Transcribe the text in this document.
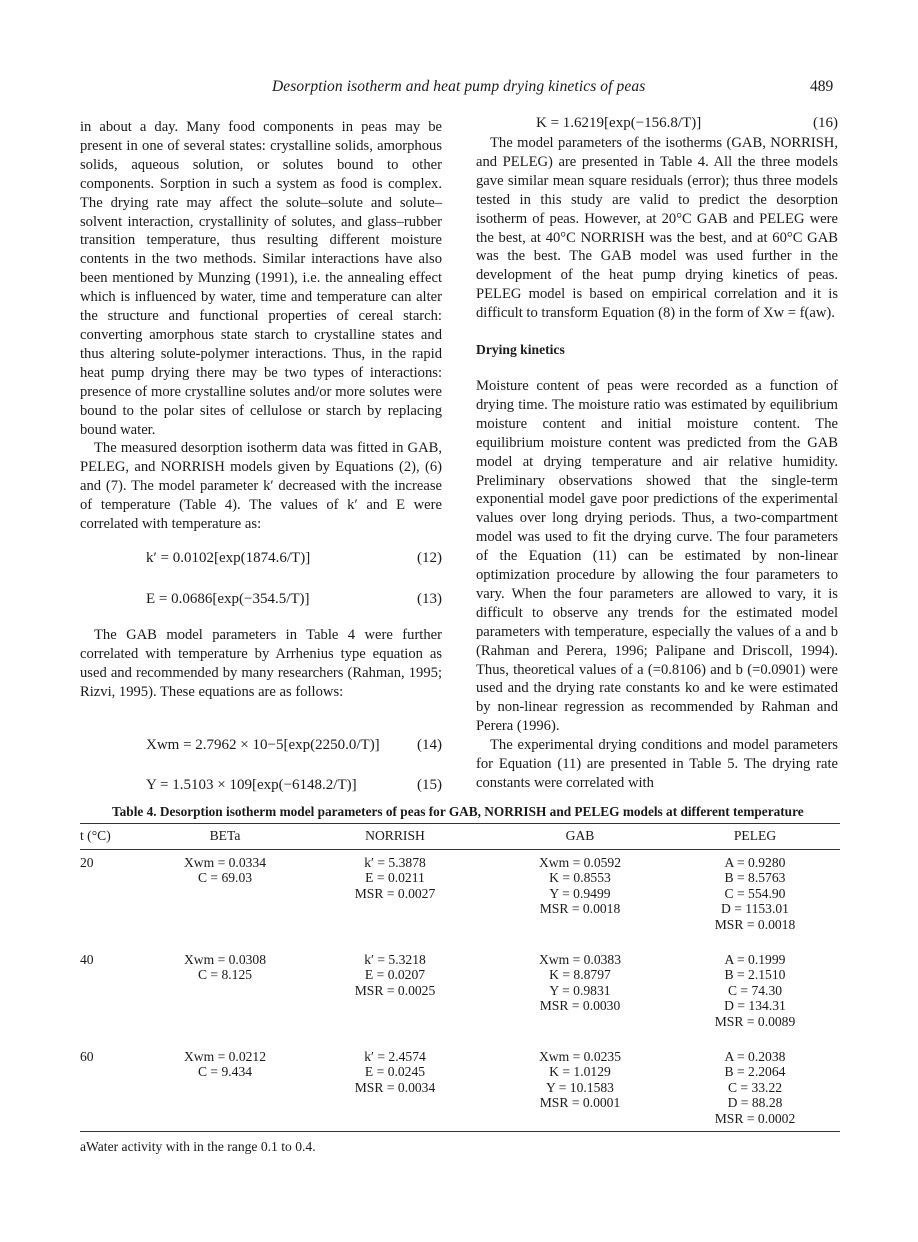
Desorption isotherm and heat pump drying kinetics of peas	489

in about a day. Many food components in peas may be present in one of several states: crystalline solids, amorphous solids, aqueous solution, or solutes bound to other components. Sorption in such a system as food is complex. The drying rate may affect the solute–solute and solute–solvent interaction, crystallinity of solutes, and glass–rubber transition temperature, thus resulting different moisture contents in the two methods. Similar interactions have also been mentioned by Munzing (1991), i.e. the annealing effect which is influenced by water, time and temperature can alter the structure and functional properties of cereal starch: converting amorphous state starch to crystalline states and thus altering solute-polymer interactions. Thus, in the rapid heat pump drying there may be two types of interactions: presence of more crystalline solutes and/or more solutes were bound to the polar sites of cellulose or starch by replacing bound water.

The measured desorption isotherm data was fitted in GAB, PELEG, and NORRISH models given by Equations (2), (6) and (7). The model parameter k′ decreased with the increase of temperature (Table 4). The values of k′ and E were correlated with temperature as:

k′ = 0.0102[exp(1874.6/T)]	(12)
E = 0.0686[exp(−354.5/T)]	(13)

The GAB model parameters in Table 4 were further correlated with temperature by Arrhenius type equation as used and recommended by many researchers (Rahman, 1995; Rizvi, 1995). These equations are as follows:

Xwm = 2.7962 × 10−5[exp(2250.0/T)] (14)
Y = 1.5103 × 109[exp(−6148.2/T)]	(15)
K = 1.6219[exp(−156.8/T)]	(16)

The model parameters of the isotherms (GAB, NORRISH, and PELEG) are presented in Table 4. All the three models gave similar mean square residuals (error); thus three models tested in this study are valid to predict the desorption isotherm of peas. However, at 20°C GAB and PELEG were the best, at 40°C NORRISH was the best, and at 60°C GAB was the best. The GAB model was used further in the development of the heat pump drying kinetics of peas. PELEG model is based on empirical correlation and it is difficult to transform Equation (8) in the form of Xw = f(aw).

Drying kinetics

Moisture content of peas were recorded as a function of drying time. The moisture ratio was estimated by equilibrium moisture content and initial moisture content. The equilibrium moisture content was predicted from the GAB model at drying temperature and air relative humidity. Preliminary observations showed that the single-term exponential model gave poor predictions of the experimental values over long drying periods. Thus, a two-compartment model was used to fit the drying curve. The four parameters of the Equation (11) can be estimated by non-linear optimization procedure by allowing the four parameters to vary. When the four parameters are allowed to vary, it is difficult to observe any trends for the estimated model parameters with temperature, especially the values of a and b (Rahman and Perera, 1996; Palipane and Driscoll, 1994). Thus, theoretical values of a (=0.8106) and b (=0.0901) were used and the drying rate constants ko and ke were estimated by non-linear regression as recommended by Rahman and Perera (1996).

The experimental drying conditions and model parameters for Equation (11) are presented in Table 5. The drying rate constants were correlated with

Table 4. Desorption isotherm model parameters of peas for GAB, NORRISH and PELEG models at different temperature
t (°C)	BETa	NORRISH	GAB	PELEG
20	Xwm = 0.0334
C = 69.03	k′ = 5.3878
E = 0.0211
MSR = 0.0027	Xwm = 0.0592
K = 0.8553
Y = 0.9499
MSR = 0.0018	A = 0.9280
B = 8.5763
C = 554.90
D = 1153.01
MSR = 0.0018

40	Xwm = 0.0308
C = 8.125	k′ = 5.3218
E = 0.0207
MSR = 0.0025	Xwm = 0.0383
K = 8.8797
Y = 0.9831
MSR = 0.0030	A = 0.1999
B = 2.1510
C = 74.30
D = 134.31
MSR = 0.0089

60	Xwm = 0.0212
C = 9.434	k′ = 2.4574
E = 0.0245
MSR = 0.0034	Xwm = 0.0235
K = 1.0129
Y = 10.1583
MSR = 0.0001	A = 0.2038
B = 2.2064
C = 33.22
D = 88.28
MSR = 0.0002
aWater activity with in the range 0.1 to 0.4.
